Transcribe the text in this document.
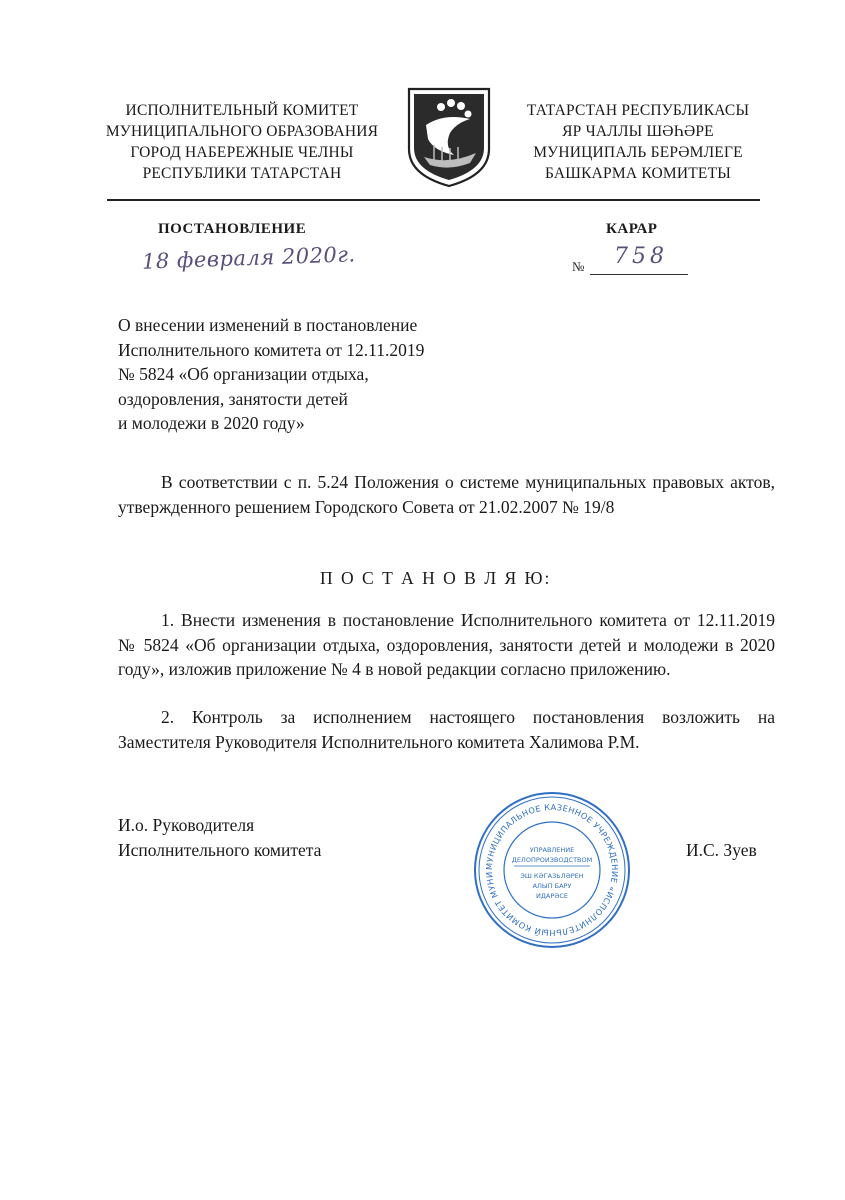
ИСПОЛНИТЕЛЬНЫЙ КОМИТЕТ
МУНИЦИПАЛЬНОГО ОБРАЗОВАНИЯ
ГОРОД НАБЕРЕЖНЫЕ ЧЕЛНЫ
РЕСПУБЛИКИ ТАТАРСТАН
ТАТАРСТАН РЕСПУБЛИКАСЫ
ЯР ЧАЛЛЫ ШӘҺӘРЕ
МУНИЦИПАЛЬ БЕРӘМЛЕГЕ
БАШКАРМА КОМИТЕТЫ
ПОСТАНОВЛЕНИЕ	КАРАР
18 февраля 2020г.	№ 758
О внесении изменений в постановление
Исполнительного комитета от 12.11.2019
№ 5824 «Об организации отдыха,
оздоровления, занятости детей
и молодежи в 2020 году»
В соответствии с п. 5.24 Положения о системе муниципальных правовых актов, утвержденного решением Городского Совета от 21.02.2007 № 19/8
П О С Т А Н О В Л Я Ю:
1. Внести изменения в постановление Исполнительного комитета от 12.11.2019 № 5824 «Об организации отдыха, оздоровления, занятости детей и молодежи в 2020 году», изложив приложение № 4 в новой редакции согласно приложению.
2. Контроль за исполнением настоящего постановления возложить на Заместителя Руководителя Исполнительного комитета Халимова Р.М.
И.о. Руководителя
Исполнительного комитета	И.С. Зуев
МУНИЦИПАЛЬНОЕ КАЗЕННОЕ УЧРЕЖДЕНИЕ «ИСПОЛНИТЕЛЬНЫЙ КОМИТЕТ МУНИ
УПРАВЛЕНИЕ
ДЕЛОПРОИЗВОДСТВОМ
ЭШ КӘГАЗЬЛӘРЕН
АЛЫП БАРУ
ИДАРӘСЕ
